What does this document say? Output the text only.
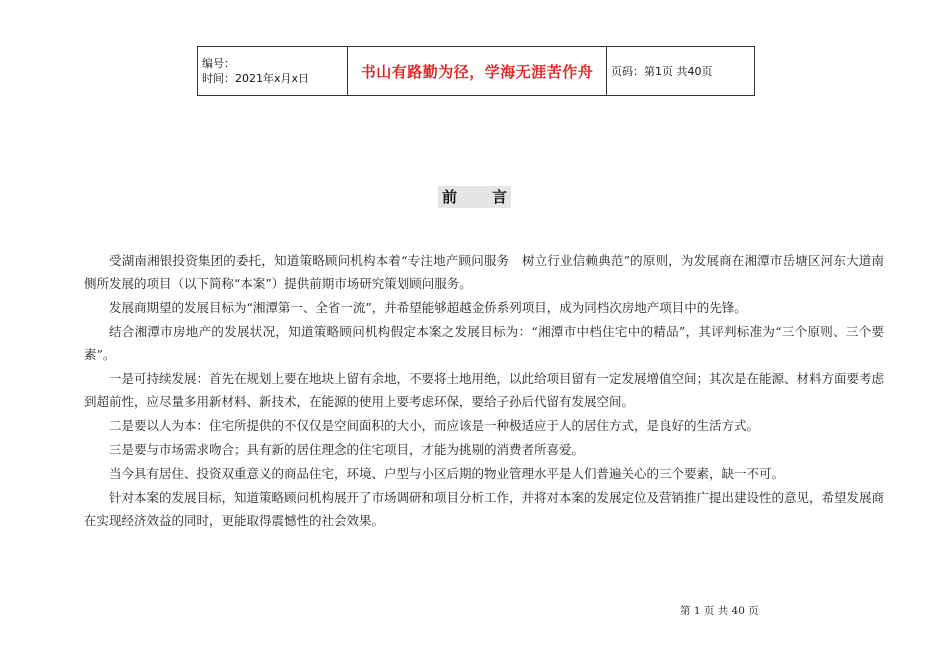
编号：
时间：2021年x月x日	书山有路勤为径，学海无涯苦作舟	页码：第1页 共40页
前 言

受湖南湘银投资集团的委托，知道策略顾问机构本着“专注地产顾问服务　树立行业信赖典范”的原则，为发展商在湘潭市岳塘区河东大道南侧所发展的项目（以下简称“本案”）提供前期市场研究策划顾问服务。

发展商期望的发展目标为“湘潭第一、全省一流”，并希望能够超越金侨系列项目，成为同档次房地产项目中的先锋。

结合湘潭市房地产的发展状况，知道策略顾问机构假定本案之发展目标为：“湘潭市中档住宅中的精品”，其评判标准为“三个原则、三个要素”。

一是可持续发展：首先在规划上要在地块上留有余地，不要将土地用绝，以此给项目留有一定发展增值空间；其次是在能源、材料方面要考虑到超前性，应尽量多用新材料、新技术，在能源的使用上要考虑环保，要给子孙后代留有发展空间。

二是要以人为本：住宅所提供的不仅仅是空间面积的大小，而应该是一种极适应于人的居住方式，是良好的生活方式。

三是要与市场需求吻合；具有新的居住理念的住宅项目，才能为挑剔的消费者所喜爱。

当今具有居住、投资双重意义的商品住宅，环境、户型与小区后期的物业管理水平是人们普遍关心的三个要素，缺一不可。

针对本案的发展目标，知道策略顾问机构展开了市场调研和项目分析工作，并将对本案的发展定位及营销推广提出建设性的意见，希望发展商在实现经济效益的同时，更能取得震憾性的社会效果。

第 1 页 共 40 页
